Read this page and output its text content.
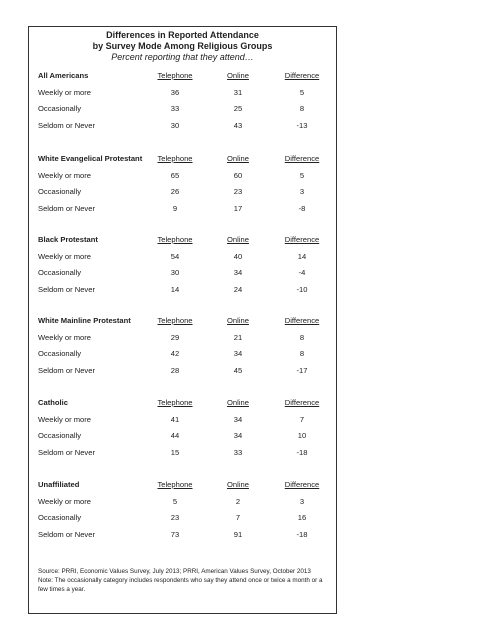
Differences in Reported Attendance
by Survey Mode Among Religious Groups
Percent reporting that they attend…
All Americans	Telephone	Online	Difference
Weekly or more	36	31	5
Occasionally	33	25	8
Seldom or Never	30	43	-13
White Evangelical Protestant	Telephone	Online	Difference
Weekly or more	65	60	5
Occasionally	26	23	3
Seldom or Never	9	17	-8
Black Protestant	Telephone	Online	Difference
Weekly or more	54	40	14
Occasionally	30	34	-4
Seldom or Never	14	24	-10
White Mainline Protestant	Telephone	Online	Difference
Weekly or more	29	21	8
Occasionally	42	34	8
Seldom or Never	28	45	-17
Catholic	Telephone	Online	Difference
Weekly or more	41	34	7
Occasionally	44	34	10
Seldom or Never	15	33	-18
Unaffiliated	Telephone	Online	Difference
Weekly or more	5	2	3
Occasionally	23	7	16
Seldom or Never	73	91	-18
Source: PRRI, Economic Values Survey, July 2013; PRRI, American Values Survey, October 2013
Note: The occasionally category includes respondents who say they attend once or twice a month or a few times a year.
